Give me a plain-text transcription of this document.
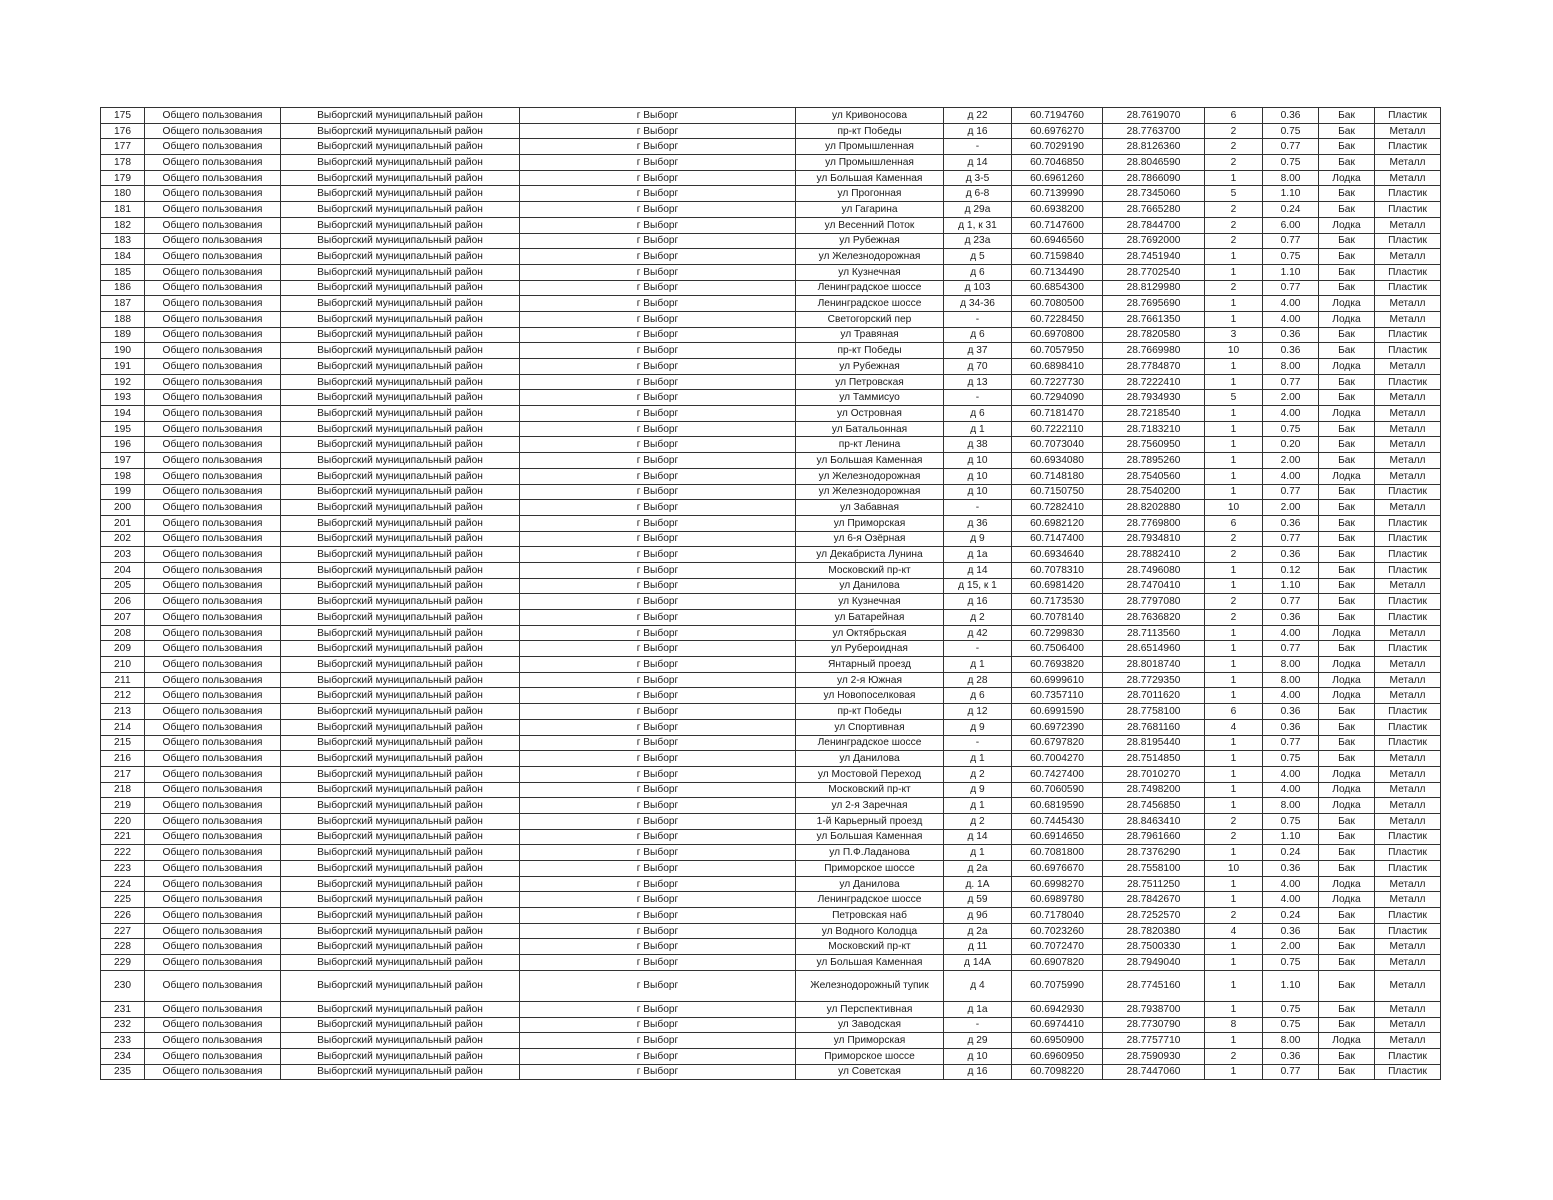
175	Общего пользования	Выборгский муниципальный район	г Выборг	ул Кривоносова	д 22	60.7194760	28.7619070	6	0.36	Бак	Пластик
176	Общего пользования	Выборгский муниципальный район	г Выборг	пр-кт Победы	д 16	60.6976270	28.7763700	2	0.75	Бак	Металл
177	Общего пользования	Выборгский муниципальный район	г Выборг	ул Промышленная	-	60.7029190	28.8126360	2	0.77	Бак	Пластик
178	Общего пользования	Выборгский муниципальный район	г Выборг	ул Промышленная	д 14	60.7046850	28.8046590	2	0.75	Бак	Металл
179	Общего пользования	Выборгский муниципальный район	г Выборг	ул Большая Каменная	д 3-5	60.6961260	28.7866090	1	8.00	Лодка	Металл
180	Общего пользования	Выборгский муниципальный район	г Выборг	ул Прогонная	д 6-8	60.7139990	28.7345060	5	1.10	Бак	Пластик
181	Общего пользования	Выборгский муниципальный район	г Выборг	ул Гагарина	д 29а	60.6938200	28.7665280	2	0.24	Бак	Пластик
182	Общего пользования	Выборгский муниципальный район	г Выборг	ул Весенний Поток	д 1, к 31	60.7147600	28.7844700	2	6.00	Лодка	Металл
183	Общего пользования	Выборгский муниципальный район	г Выборг	ул Рубежная	д 23а	60.6946560	28.7692000	2	0.77	Бак	Пластик
184	Общего пользования	Выборгский муниципальный район	г Выборг	ул Железнодорожная	д 5	60.7159840	28.7451940	1	0.75	Бак	Металл
185	Общего пользования	Выборгский муниципальный район	г Выборг	ул Кузнечная	д 6	60.7134490	28.7702540	1	1.10	Бак	Пластик
186	Общего пользования	Выборгский муниципальный район	г Выборг	Ленинградское шоссе	д 103	60.6854300	28.8129980	2	0.77	Бак	Пластик
187	Общего пользования	Выборгский муниципальный район	г Выборг	Ленинградское шоссе	д 34-36	60.7080500	28.7695690	1	4.00	Лодка	Металл
188	Общего пользования	Выборгский муниципальный район	г Выборг	Светогорский пер	-	60.7228450	28.7661350	1	4.00	Лодка	Металл
189	Общего пользования	Выборгский муниципальный район	г Выборг	ул Травяная	д 6	60.6970800	28.7820580	3	0.36	Бак	Пластик
190	Общего пользования	Выборгский муниципальный район	г Выборг	пр-кт Победы	д 37	60.7057950	28.7669980	10	0.36	Бак	Пластик
191	Общего пользования	Выборгский муниципальный район	г Выборг	ул Рубежная	д 70	60.6898410	28.7784870	1	8.00	Лодка	Металл
192	Общего пользования	Выборгский муниципальный район	г Выборг	ул Петровская	д 13	60.7227730	28.7222410	1	0.77	Бак	Пластик
193	Общего пользования	Выборгский муниципальный район	г Выборг	ул Таммисуо	-	60.7294090	28.7934930	5	2.00	Бак	Металл
194	Общего пользования	Выборгский муниципальный район	г Выборг	ул Островная	д 6	60.7181470	28.7218540	1	4.00	Лодка	Металл
195	Общего пользования	Выборгский муниципальный район	г Выборг	ул Батальонная	д 1	60.7222110	28.7183210	1	0.75	Бак	Металл
196	Общего пользования	Выборгский муниципальный район	г Выборг	пр-кт Ленина	д 38	60.7073040	28.7560950	1	0.20	Бак	Металл
197	Общего пользования	Выборгский муниципальный район	г Выборг	ул Большая Каменная	д 10	60.6934080	28.7895260	1	2.00	Бак	Металл
198	Общего пользования	Выборгский муниципальный район	г Выборг	ул Железнодорожная	д 10	60.7148180	28.7540560	1	4.00	Лодка	Металл
199	Общего пользования	Выборгский муниципальный район	г Выборг	ул Железнодорожная	д 10	60.7150750	28.7540200	1	0.77	Бак	Пластик
200	Общего пользования	Выборгский муниципальный район	г Выборг	ул Забавная	-	60.7282410	28.8202880	10	2.00	Бак	Металл
201	Общего пользования	Выборгский муниципальный район	г Выборг	ул Приморская	д 36	60.6982120	28.7769800	6	0.36	Бак	Пластик
202	Общего пользования	Выборгский муниципальный район	г Выборг	ул 6-я Озёрная	д 9	60.7147400	28.7934810	2	0.77	Бак	Пластик
203	Общего пользования	Выборгский муниципальный район	г Выборг	ул Декабриста Лунина	д 1а	60.6934640	28.7882410	2	0.36	Бак	Пластик
204	Общего пользования	Выборгский муниципальный район	г Выборг	Московский пр-кт	д 14	60.7078310	28.7496080	1	0.12	Бак	Пластик
205	Общего пользования	Выборгский муниципальный район	г Выборг	ул Данилова	д 15, к 1	60.6981420	28.7470410	1	1.10	Бак	Металл
206	Общего пользования	Выборгский муниципальный район	г Выборг	ул Кузнечная	д 16	60.7173530	28.7797080	2	0.77	Бак	Пластик
207	Общего пользования	Выборгский муниципальный район	г Выборг	ул Батарейная	д 2	60.7078140	28.7636820	2	0.36	Бак	Пластик
208	Общего пользования	Выборгский муниципальный район	г Выборг	ул Октябрьская	д 42	60.7299830	28.7113560	1	4.00	Лодка	Металл
209	Общего пользования	Выборгский муниципальный район	г Выборг	ул Рубероидная	-	60.7506400	28.6514960	1	0.77	Бак	Пластик
210	Общего пользования	Выборгский муниципальный район	г Выборг	Янтарный проезд	д 1	60.7693820	28.8018740	1	8.00	Лодка	Металл
211	Общего пользования	Выборгский муниципальный район	г Выборг	ул 2-я Южная	д 28	60.6999610	28.7729350	1	8.00	Лодка	Металл
212	Общего пользования	Выборгский муниципальный район	г Выборг	ул Новопоселковая	д 6	60.7357110	28.7011620	1	4.00	Лодка	Металл
213	Общего пользования	Выборгский муниципальный район	г Выборг	пр-кт Победы	д 12	60.6991590	28.7758100	6	0.36	Бак	Пластик
214	Общего пользования	Выборгский муниципальный район	г Выборг	ул Спортивная	д 9	60.6972390	28.7681160	4	0.36	Бак	Пластик
215	Общего пользования	Выборгский муниципальный район	г Выборг	Ленинградское шоссе	-	60.6797820	28.8195440	1	0.77	Бак	Пластик
216	Общего пользования	Выборгский муниципальный район	г Выборг	ул Данилова	д 1	60.7004270	28.7514850	1	0.75	Бак	Металл
217	Общего пользования	Выборгский муниципальный район	г Выборг	ул Мостовой Переход	д 2	60.7427400	28.7010270	1	4.00	Лодка	Металл
218	Общего пользования	Выборгский муниципальный район	г Выборг	Московский пр-кт	д 9	60.7060590	28.7498200	1	4.00	Лодка	Металл
219	Общего пользования	Выборгский муниципальный район	г Выборг	ул 2-я Заречная	д 1	60.6819590	28.7456850	1	8.00	Лодка	Металл
220	Общего пользования	Выборгский муниципальный район	г Выборг	1-й Карьерный проезд	д 2	60.7445430	28.8463410	2	0.75	Бак	Металл
221	Общего пользования	Выборгский муниципальный район	г Выборг	ул Большая Каменная	д 14	60.6914650	28.7961660	2	1.10	Бак	Пластик
222	Общего пользования	Выборгский муниципальный район	г Выборг	ул П.Ф.Ладанова	д 1	60.7081800	28.7376290	1	0.24	Бак	Пластик
223	Общего пользования	Выборгский муниципальный район	г Выборг	Приморское шоссе	д 2а	60.6976670	28.7558100	10	0.36	Бак	Пластик
224	Общего пользования	Выборгский муниципальный район	г Выборг	ул Данилова	д. 1А	60.6998270	28.7511250	1	4.00	Лодка	Металл
225	Общего пользования	Выборгский муниципальный район	г Выборг	Ленинградское шоссе	д 59	60.6989780	28.7842670	1	4.00	Лодка	Металл
226	Общего пользования	Выборгский муниципальный район	г Выборг	Петровская наб	д 9б	60.7178040	28.7252570	2	0.24	Бак	Пластик
227	Общего пользования	Выборгский муниципальный район	г Выборг	ул Водного Колодца	д 2а	60.7023260	28.7820380	4	0.36	Бак	Пластик
228	Общего пользования	Выборгский муниципальный район	г Выборг	Московский пр-кт	д 11	60.7072470	28.7500330	1	2.00	Бак	Металл
229	Общего пользования	Выборгский муниципальный район	г Выборг	ул Большая Каменная	д 14А	60.6907820	28.7949040	1	0.75	Бак	Металл
230	Общего пользования	Выборгский муниципальный район	г Выборг	Железнодорожный тупик	д 4	60.7075990	28.7745160	1	1.10	Бак	Металл
231	Общего пользования	Выборгский муниципальный район	г Выборг	ул Перспективная	д 1а	60.6942930	28.7938700	1	0.75	Бак	Металл
232	Общего пользования	Выборгский муниципальный район	г Выборг	ул Заводская	-	60.6974410	28.7730790	8	0.75	Бак	Металл
233	Общего пользования	Выборгский муниципальный район	г Выборг	ул Приморская	д 29	60.6950900	28.7757710	1	8.00	Лодка	Металл
234	Общего пользования	Выборгский муниципальный район	г Выборг	Приморское шоссе	д 10	60.6960950	28.7590930	2	0.36	Бак	Пластик
235	Общего пользования	Выборгский муниципальный район	г Выборг	ул Советская	д 16	60.7098220	28.7447060	1	0.77	Бак	Пластик
